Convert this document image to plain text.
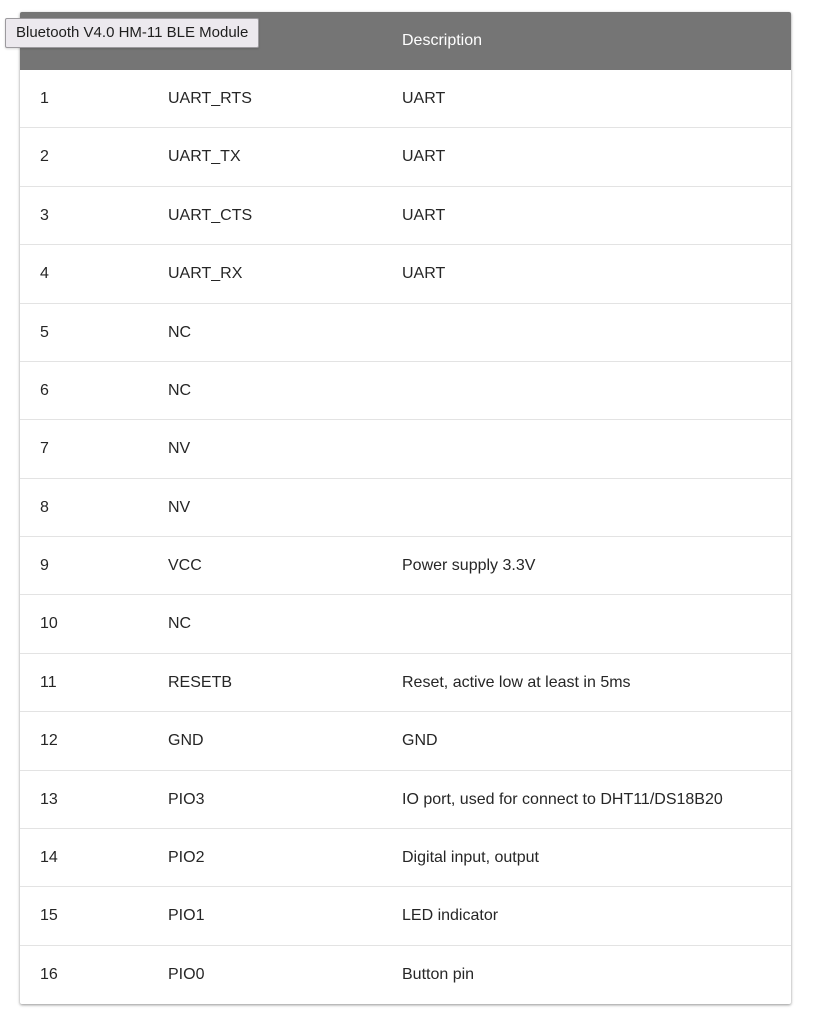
Description
1	UART_RTS	UART
2	UART_TX	UART
3	UART_CTS	UART
4	UART_RX	UART
5	NC
6	NC
7	NV
8	NV
9	VCC	Power supply 3.3V
10	NC
11	RESETB	Reset, active low at least in 5ms
12	GND	GND
13	PIO3	IO port, used for connect to DHT11/DS18B20
14	PIO2	Digital input, output
15	PIO1	LED indicator
16	PIO0	Button pin
Bluetooth V4.0 HM-11 BLE Module
